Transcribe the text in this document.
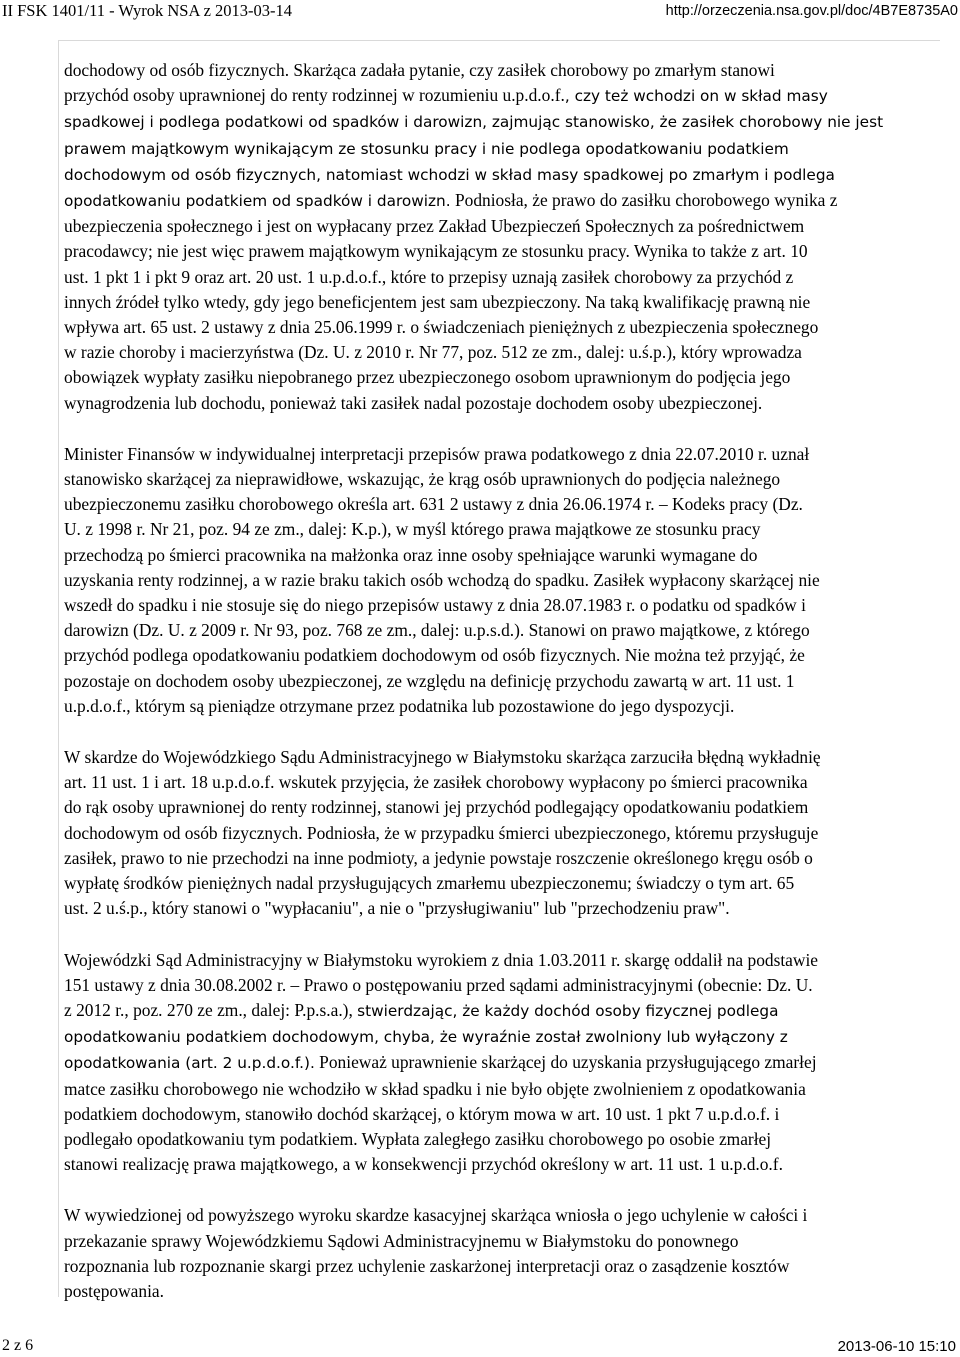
II FSK 1401/11 - Wyrok NSA z 2013-03-14	http://orzeczenia.nsa.gov.pl/doc/4B7E8735A0
dochodowy od osób fizycznych. Skarżąca zadała pytanie, czy zasiłek chorobowy po zmarłym stanowi
przychód osoby uprawnionej do renty rodzinnej w rozumieniu u.p.d.o.f., czy też wchodzi on w skład masy
spadkowej i podlega podatkowi od spadków i darowizn, zajmując stanowisko, że zasiłek chorobowy nie jest
prawem majątkowym wynikającym ze stosunku pracy i nie podlega opodatkowaniu podatkiem
dochodowym od osób fizycznych, natomiast wchodzi w skład masy spadkowej po zmarłym i podlega
opodatkowaniu podatkiem od spadków i darowizn. Podniosła, że prawo do zasiłku chorobowego wynika z
ubezpieczenia społecznego i jest on wypłacany przez Zakład Ubezpieczeń Społecznych za pośrednictwem
pracodawcy; nie jest więc prawem majątkowym wynikającym ze stosunku pracy. Wynika to także z art. 10
ust. 1 pkt 1 i pkt 9 oraz art. 20 ust. 1 u.p.d.o.f., które to przepisy uznają zasiłek chorobowy za przychód z
innych źródeł tylko wtedy, gdy jego beneficjentem jest sam ubezpieczony. Na taką kwalifikację prawną nie
wpływa art. 65 ust. 2 ustawy z dnia 25.06.1999 r. o świadczeniach pieniężnych z ubezpieczenia społecznego
w razie choroby i macierzyństwa (Dz. U. z 2010 r. Nr 77, poz. 512 ze zm., dalej: u.ś.p.), który wprowadza
obowiązek wypłaty zasiłku niepobranego przez ubezpieczonego osobom uprawnionym do podjęcia jego
wynagrodzenia lub dochodu, ponieważ taki zasiłek nadal pozostaje dochodem osoby ubezpieczonej.
Minister Finansów w indywidualnej interpretacji przepisów prawa podatkowego z dnia 22.07.2010 r. uznał
stanowisko skarżącej za nieprawidłowe, wskazując, że krąg osób uprawnionych do podjęcia należnego
ubezpieczonemu zasiłku chorobowego określa art. 631 2 ustawy z dnia 26.06.1974 r. – Kodeks pracy (Dz.
U. z 1998 r. Nr 21, poz. 94 ze zm., dalej: K.p.), w myśl którego prawa majątkowe ze stosunku pracy
przechodzą po śmierci pracownika na małżonka oraz inne osoby spełniające warunki wymagane do
uzyskania renty rodzinnej, a w razie braku takich osób wchodzą do spadku. Zasiłek wypłacony skarżącej nie
wszedł do spadku i nie stosuje się do niego przepisów ustawy z dnia 28.07.1983 r. o podatku od spadków i
darowizn (Dz. U. z 2009 r. Nr 93, poz. 768 ze zm., dalej: u.p.s.d.). Stanowi on prawo majątkowe, z którego
przychód podlega opodatkowaniu podatkiem dochodowym od osób fizycznych. Nie można też przyjąć, że
pozostaje on dochodem osoby ubezpieczonej, ze względu na definicję przychodu zawartą w art. 11 ust. 1
u.p.d.o.f., którym są pieniądze otrzymane przez podatnika lub pozostawione do jego dyspozycji.
W skardze do Wojewódzkiego Sądu Administracyjnego w Białymstoku skarżąca zarzuciła błędną wykładnię
art. 11 ust. 1 i art. 18 u.p.d.o.f. wskutek przyjęcia, że zasiłek chorobowy wypłacony po śmierci pracownika
do rąk osoby uprawnionej do renty rodzinnej, stanowi jej przychód podlegający opodatkowaniu podatkiem
dochodowym od osób fizycznych. Podniosła, że w przypadku śmierci ubezpieczonego, któremu przysługuje
zasiłek, prawo to nie przechodzi na inne podmioty, a jedynie powstaje roszczenie określonego kręgu osób o
wypłatę środków pieniężnych nadal przysługujących zmarłemu ubezpieczonemu; świadczy o tym art. 65
ust. 2 u.ś.p., który stanowi o "wypłacaniu", a nie o "przysługiwaniu" lub "przechodzeniu praw".
Wojewódzki Sąd Administracyjny w Białymstoku wyrokiem z dnia 1.03.2011 r. skargę oddalił na podstawie
151 ustawy z dnia 30.08.2002 r. – Prawo o postępowaniu przed sądami administracyjnymi (obecnie: Dz. U.
z 2012 r., poz. 270 ze zm., dalej: P.p.s.a.), stwierdzając, że każdy dochód osoby fizycznej podlega
opodatkowaniu podatkiem dochodowym, chyba, że wyraźnie został zwolniony lub wyłączony z
opodatkowania (art. 2 u.p.d.o.f.). Ponieważ uprawnienie skarżącej do uzyskania przysługującego zmarłej
matce zasiłku chorobowego nie wchodziło w skład spadku i nie było objęte zwolnieniem z opodatkowania
podatkiem dochodowym, stanowiło dochód skarżącej, o którym mowa w art. 10 ust. 1 pkt 7 u.p.d.o.f. i
podlegało opodatkowaniu tym podatkiem. Wypłata zaległego zasiłku chorobowego po osobie zmarłej
stanowi realizację prawa majątkowego, a w konsekwencji przychód określony w art. 11 ust. 1 u.p.d.o.f.
W wywiedzionej od powyższego wyroku skardze kasacyjnej skarżąca wniosła o jego uchylenie w całości i
przekazanie sprawy Wojewódzkiemu Sądowi Administracyjnemu w Białymstoku do ponownego
rozpoznania lub rozpoznanie skargi przez uchylenie zaskarżonej interpretacji oraz o zasądzenie kosztów
postępowania.
2 z 6	2013-06-10 15:10
